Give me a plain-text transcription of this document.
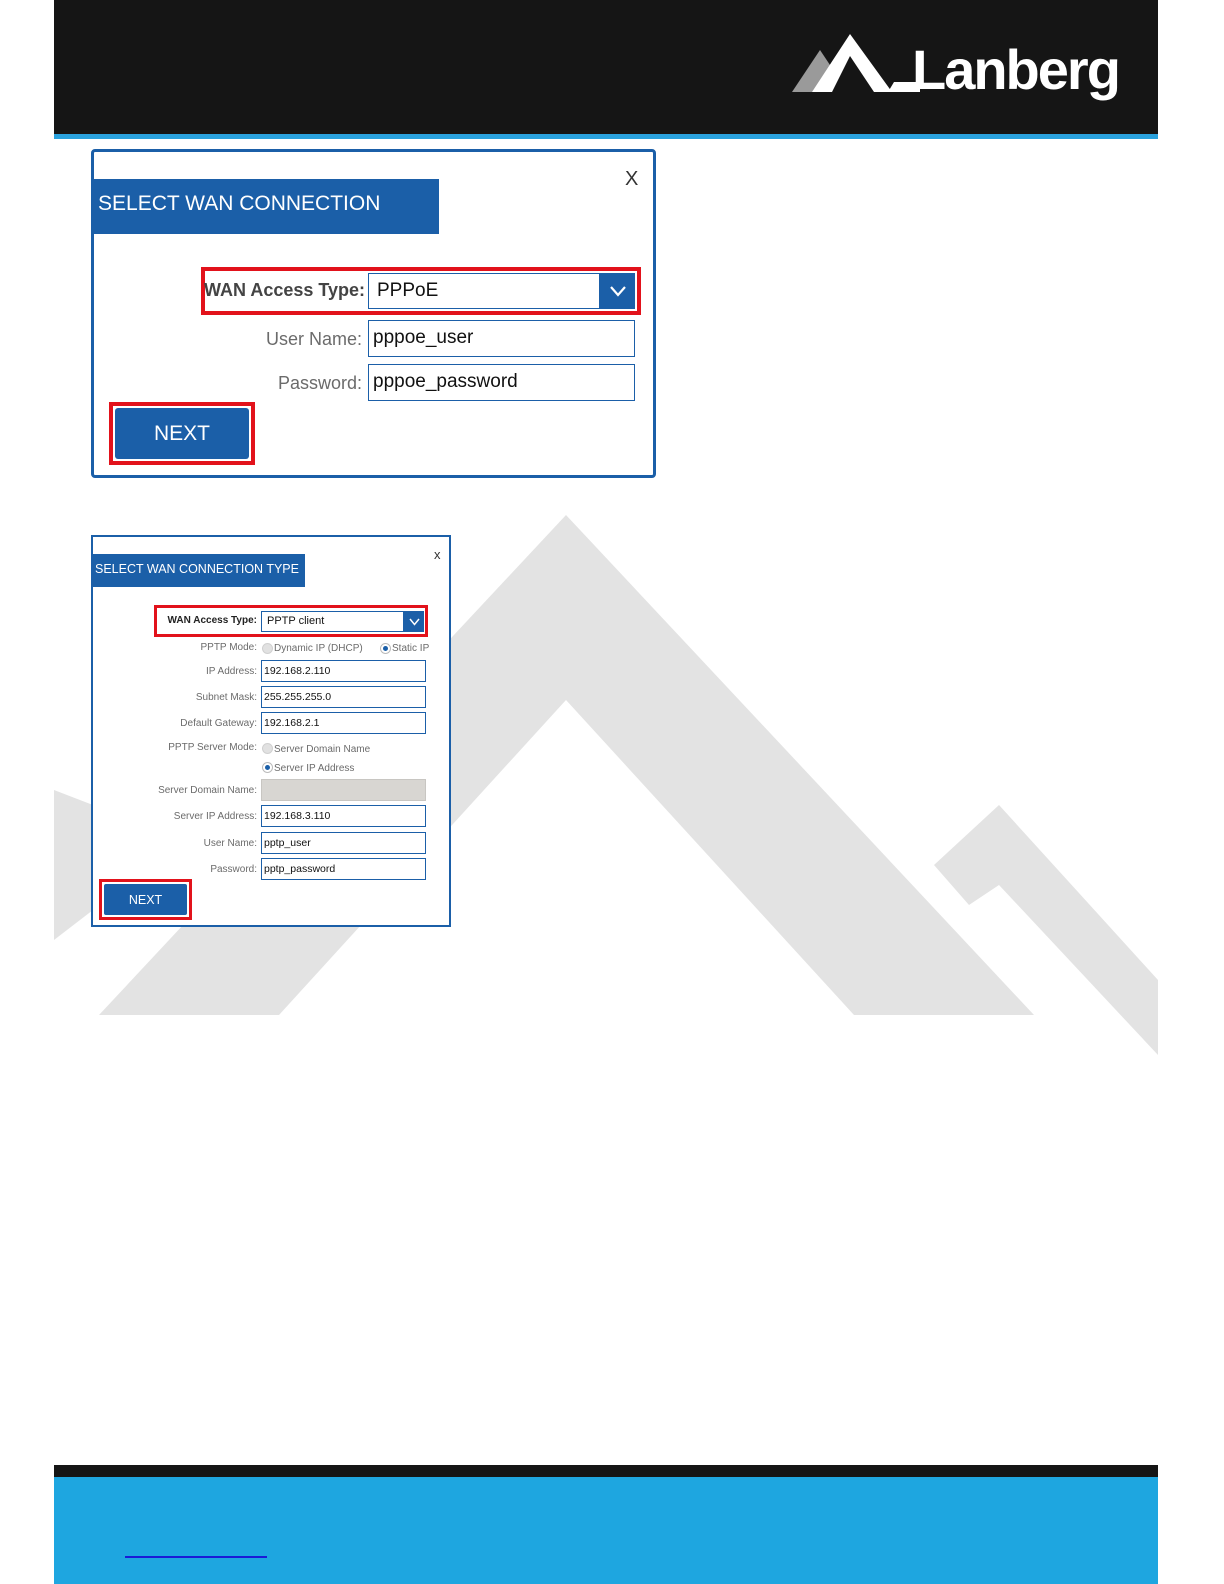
Lanberg
SELECT WAN CONNECTION TYPE
X
WAN Access Type: PPPoE
User Name: pppoe_user
Password: pppoe_password
NEXT
SELECT WAN CONNECTION TYPE
x
WAN Access Type: PPTP client
PPTP Mode: Dynamic IP (DHCP)	Static IP
IP Address: 192.168.2.110
Subnet Mask: 255.255.255.0
Default Gateway: 192.168.2.1
PPTP Server Mode: Server Domain Name
Server IP Address
Server Domain Name:
Server IP Address: 192.168.3.110
User Name: pptp_user
Password: pptp_password
NEXT
